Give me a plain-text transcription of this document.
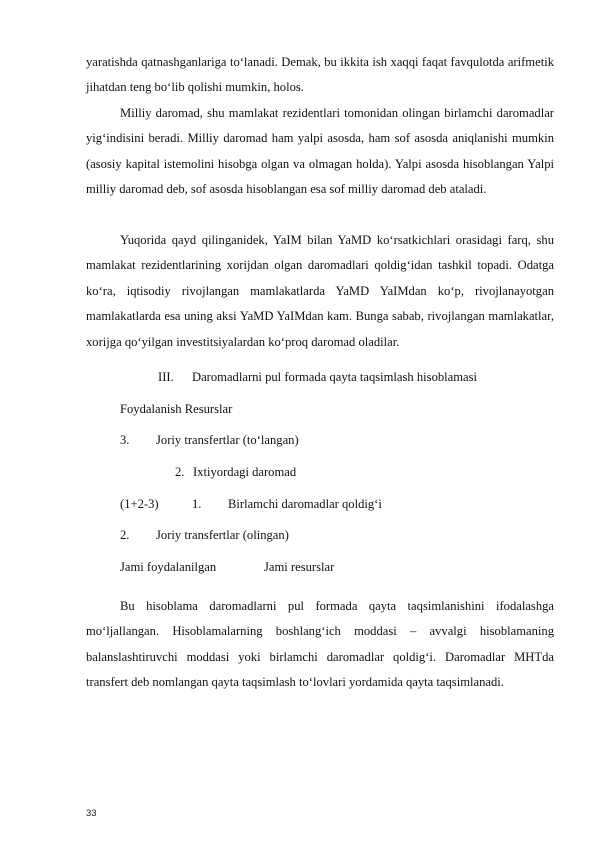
yaratishda qatnashganlariga to‘lanadi. Demak, bu ikkita ish xaqqi faqat favqulotda arifmetik jihatdan teng bo‘lib qolishi mumkin, holos.

Milliy daromad, shu mamlakat rezidentlari tomonidan olingan birlamchi daromadlar yig‘indisini beradi. Milliy daromad ham yalpi asosda, ham sof asosda aniqlanishi mumkin (asosiy kapital istemolini hisobga olgan va olmagan holda). Yalpi asosda hisoblangan Yalpi milliy daromad deb, sof asosda hisoblangan esa sof milliy daromad deb ataladi.

Yuqorida qayd qilinganidek, YaIM bilan YaMD ko‘rsatkichlari orasidagi farq, shu mamlakat rezidentlarining xorijdan olgan daromadlari qoldig‘idan tashkil topadi. Odatga ko‘ra, iqtisodiy rivojlangan mamlakatlarda YaMD YaIMdan ko‘p, rivojlanayotgan mamlakatlarda esa uning aksi YaMD YaIMdan kam. Bunga sabab, rivojlangan mamlakatlar, xorijga qo‘yilgan investitsiyalardan ko‘proq daromad oladilar.

III. Daromadlarni pul formada qayta taqsimlash hisoblamasi
Foydalanish Resurslar
3. Joriy transfertlar (to‘langan)
2. Ixtiyordagi daromad
(1+2-3)	1. Birlamchi daromadlar qoldig‘i
2. Joriy transfertlar (olingan)
Jami foydalanilgan	Jami resurslar

Bu hisoblama daromadlarni pul formada qayta taqsimlanishini ifodalashga mo‘ljallangan. Hisoblamalarning boshlang‘ich moddasi – avvalgi hisoblamaning balanslashtiruvchi moddasi yoki birlamchi daromadlar qoldig‘i. Daromadlar MHTda transfert deb nomlangan qayta taqsimlash to‘lovlari yordamida qayta taqsimlanadi.

33
